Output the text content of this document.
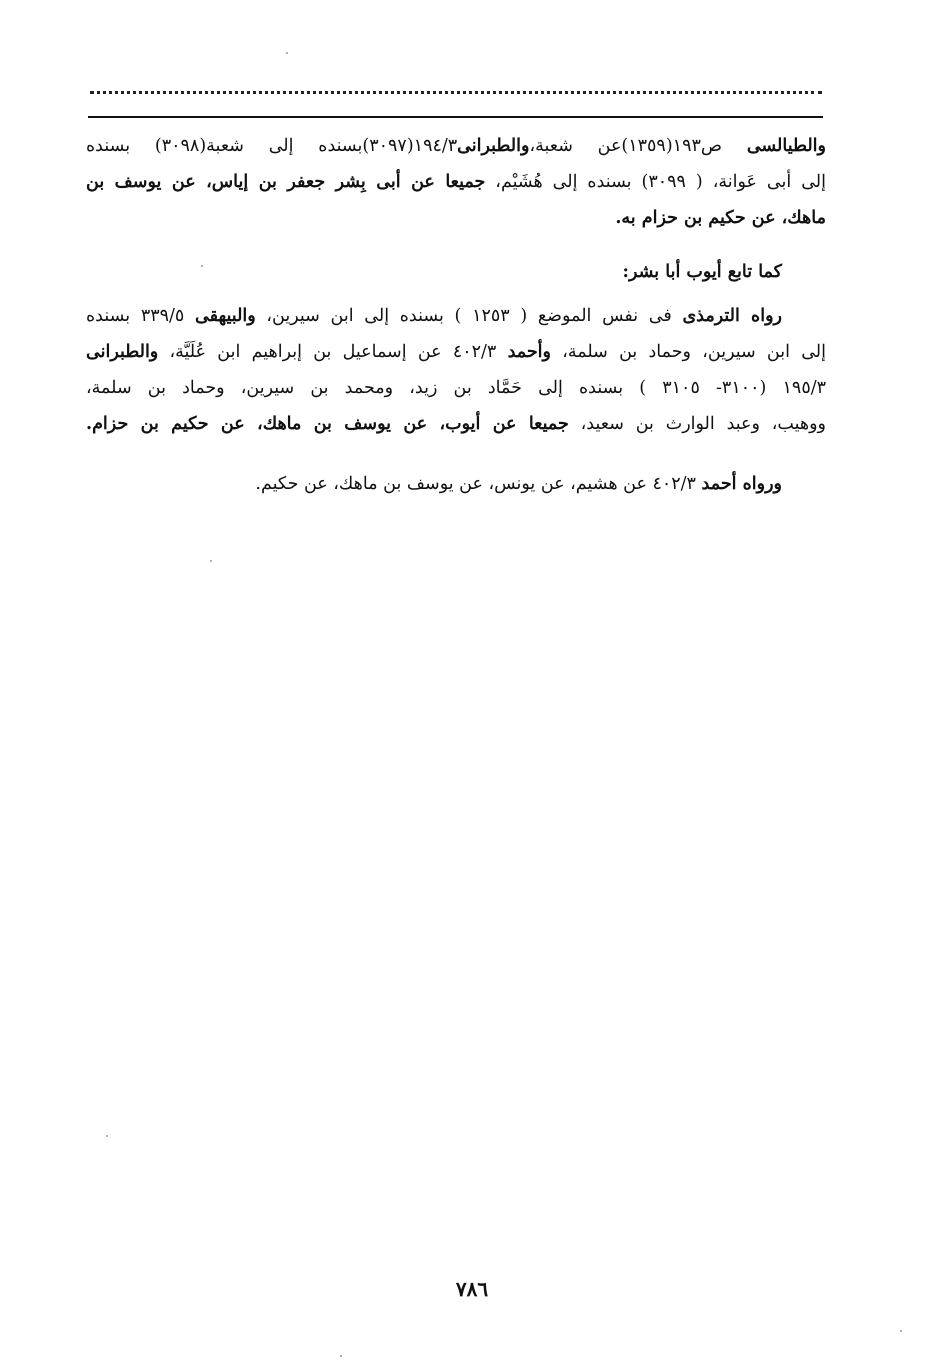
والطيالسى ص١٩٣(١٣٥٩)عن شعبة،والطبرانى١٩٤/٣(٣٠٩٧)بسنده إلى شعبة(٣٠٩٨) بسنده
إلى أبى عَوانة، ( ٣٠٩٩) بسنده إلى هُشَيْم، جميعا عن أبى بِشر جعفر بن إياس، عن يوسف بن
ماهك، عن حكيم بن حزام به.
كما تابع أيوب أبا بشر:
رواه الترمذى فى نفس الموضع ( ١٢٥٣ ) بسنده إلى ابن سيرين، والبيهقى ٣٣٩/٥ بسنده
إلى ابن سيرين، وحماد بن سلمة، وأحمد ٤٠٢/٣ عن إسماعيل بن إبراهيم ابن عُلَيَّة، والطبرانى
١٩٥/٣ (٣١٠٠- ٣١٠٥ ) بسنده إلى حَمَّاد بن زيد، ومحمد بن سيرين، وحماد بن سلمة،
ووهيب، وعبد الوارث بن سعيد، جميعا عن أيوب، عن يوسف بن ماهك، عن حكيم بن حزام.
ورواه أحمد ٤٠٢/٣ عن هشيم، عن يونس، عن يوسف بن ماهك، عن حكيم.
٧٨٦
